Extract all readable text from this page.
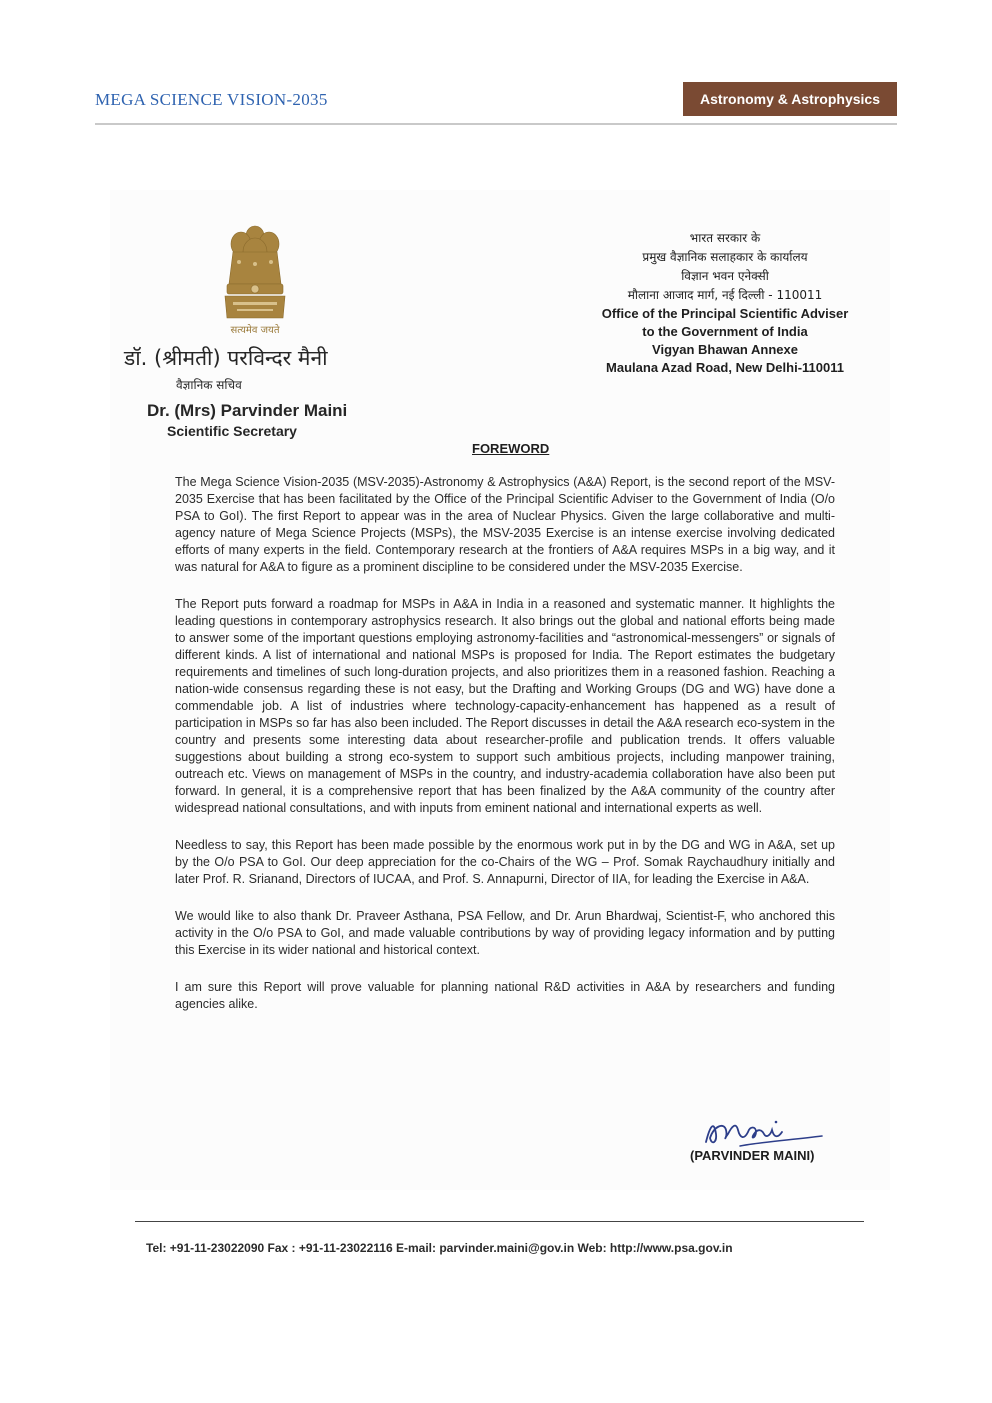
MEGA SCIENCE VISION-2035	Astronomy & Astrophysics
सत्यमेव जयते
डॉ. (श्रीमती) परविन्दर मैनी
वैज्ञानिक सचिव
Dr. (Mrs) Parvinder Maini
Scientific Secretary
भारत सरकार के
प्रमुख वैज्ञानिक सलाहकार के कार्यालय
विज्ञान भवन एनेक्सी
मौलाना आजाद मार्ग, नई दिल्ली - 110011
Office of the Principal Scientific Adviser
to the Government of India
Vigyan Bhawan Annexe
Maulana Azad Road, New Delhi-110011
FOREWORD

The Mega Science Vision-2035 (MSV-2035)-Astronomy & Astrophysics (A&A) Report, is the second report of the MSV-2035 Exercise that has been facilitated by the Office of the Principal Scientific Adviser to the Government of India (O/o PSA to GoI). The first Report to appear was in the area of Nuclear Physics. Given the large collaborative and multi-agency nature of Mega Science Projects (MSPs), the MSV-2035 Exercise is an intense exercise involving dedicated efforts of many experts in the field. Contemporary research at the frontiers of A&A requires MSPs in a big way, and it was natural for A&A to figure as a prominent discipline to be considered under the MSV-2035 Exercise.

The Report puts forward a roadmap for MSPs in A&A in India in a reasoned and systematic manner. It highlights the leading questions in contemporary astrophysics research. It also brings out the global and national efforts being made to answer some of the important questions employing astronomy-facilities and “astronomical-messengers” or signals of different kinds. A list of international and national MSPs is proposed for India. The Report estimates the budgetary requirements and timelines of such long-duration projects, and also prioritizes them in a reasoned fashion. Reaching a nation-wide consensus regarding these is not easy, but the Drafting and Working Groups (DG and WG) have done a commendable job. A list of industries where technology-capacity-enhancement has happened as a result of participation in MSPs so far has also been included. The Report discusses in detail the A&A research eco-system in the country and presents some interesting data about researcher-profile and publication trends. It offers valuable suggestions about building a strong eco-system to support such ambitious projects, including manpower training, outreach etc. Views on management of MSPs in the country, and industry-academia collaboration have also been put forward. In general, it is a comprehensive report that has been finalized by the A&A community of the country after widespread national consultations, and with inputs from eminent national and international experts as well.

Needless to say, this Report has been made possible by the enormous work put in by the DG and WG in A&A, set up by the O/o PSA to GoI. Our deep appreciation for the co-Chairs of the WG – Prof. Somak Raychaudhury initially and later Prof. R. Srianand, Directors of IUCAA, and Prof. S. Annapurni, Director of IIA, for leading the Exercise in A&A.

We would like to also thank Dr. Praveer Asthana, PSA Fellow, and Dr. Arun Bhardwaj, Scientist-F, who anchored this activity in the O/o PSA to GoI, and made valuable contributions by way of providing legacy information and by putting this Exercise in its wider national and historical context.

I am sure this Report will prove valuable for planning national R&D activities in A&A by researchers and funding agencies alike.

(PARVINDER MAINI)
Tel: +91-11-23022090 Fax : +91-11-23022116 E-mail: parvinder.maini@gov.in Web: http://www.psa.gov.in
